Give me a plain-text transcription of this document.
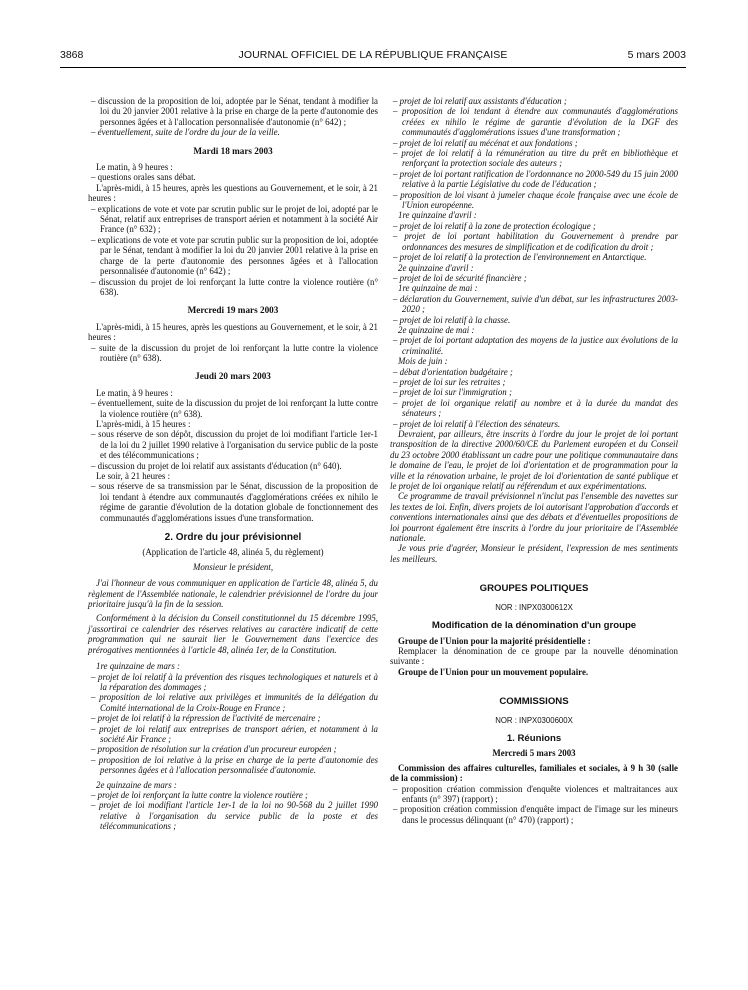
3868	JOURNAL OFFICIEL DE LA RÉPUBLIQUE FRANÇAISE	5 mars 2003

– discussion de la proposition de loi, adoptée par le Sénat, tendant à modifier la loi du 20 janvier 2001 relative à la prise en charge de la perte d'autonomie des personnes âgées et à l'allocation personnalisée d'autonomie (n° 642) ;

– éventuellement, suite de l'ordre du jour de la veille.

Mardi 18 mars 2003

Le matin, à 9 heures :

– questions orales sans débat.

L'après-midi, à 15 heures, après les questions au Gouvernement, et le soir, à 21 heures :

– explications de vote et vote par scrutin public sur le projet de loi, adopté par le Sénat, relatif aux entreprises de transport aérien et notamment à la société Air France (n° 632) ;

– explications de vote et vote par scrutin public sur la proposition de loi, adoptée par le Sénat, tendant à modifier la loi du 20 janvier 2001 relative à la prise en charge de la perte d'autonomie des personnes âgées et à l'allocation personnalisée d'autonomie (n° 642) ;

– discussion du projet de loi renforçant la lutte contre la violence routière (n° 638).

Mercredi 19 mars 2003

L'après-midi, à 15 heures, après les questions au Gouvernement, et le soir, à 21 heures :

– suite de la discussion du projet de loi renforçant la lutte contre la violence routière (n° 638).

Jeudi 20 mars 2003

Le matin, à 9 heures :

– éventuellement, suite de la discussion du projet de loi renforçant la lutte contre la violence routière (n° 638).

L'après-midi, à 15 heures :

– sous réserve de son dépôt, discussion du projet de loi modifiant l'article 1er-1 de la loi du 2 juillet 1990 relative à l'organisation du service public de la poste et des télécommunications ;

– discussion du projet de loi relatif aux assistants d'éducation (n° 640).

Le soir, à 21 heures :

– sous réserve de sa transmission par le Sénat, discussion de la proposition de loi tendant à étendre aux communautés d'agglomérations créées ex nihilo le régime de garantie d'évolution de la dotation globale de fonctionnement des communautés d'agglomérations issues d'une transformation.

2. Ordre du jour prévisionnel

(Application de l'article 48, alinéa 5, du règlement)

Monsieur le président,

J'ai l'honneur de vous communiquer en application de l'article 48, alinéa 5, du règlement de l'Assemblée nationale, le calendrier prévisionnel de l'ordre du jour prioritaire jusqu'à la fin de la session.

Conformément à la décision du Conseil constitutionnel du 15 décembre 1995, j'assortirai ce calendrier des réserves relatives au caractère indicatif de cette programmation qui ne saurait lier le Gouvernement dans l'exercice des prérogatives mentionnées à l'article 48, alinéa 1er, de la Constitution.

1re quinzaine de mars :

– projet de loi relatif à la prévention des risques technologiques et naturels et à la réparation des dommages ;

– proposition de loi relative aux privilèges et immunités de la délégation du Comité international de la Croix-Rouge en France ;

– projet de loi relatif à la répression de l'activité de mercenaire ;

– projet de loi relatif aux entreprises de transport aérien, et notamment à la société Air France ;

– proposition de résolution sur la création d'un procureur européen ;

– proposition de loi relative à la prise en charge de la perte d'autonomie des personnes âgées et à l'allocation personnalisée d'autonomie.

2e quinzaine de mars :

– projet de loi renforçant la lutte contre la violence routière ;

– projet de loi modifiant l'article 1er-1 de la loi no 90-568 du 2 juillet 1990 relative à l'organisation du service public de la poste et des télécommunications ;

– projet de loi relatif aux assistants d'éducation ;

– proposition de loi tendant à étendre aux communautés d'agglomérations créées ex nihilo le régime de garantie d'évolution de la DGF des communautés d'agglomérations issues d'une transformation ;

– projet de loi relatif au mécénat et aux fondations ;

– projet de loi relatif à la rémunération au titre du prêt en bibliothèque et renforçant la protection sociale des auteurs ;

– projet de loi portant ratification de l'ordonnance no 2000-549 du 15 juin 2000 relative à la partie Législative du code de l'éducation ;

– proposition de loi visant à jumeler chaque école française avec une école de l'Union européenne.

1re quinzaine d'avril :

– projet de loi relatif à la zone de protection écologique ;

– projet de loi portant habilitation du Gouvernement à prendre par ordonnances des mesures de simplification et de codification du droit ;

– projet de loi relatif à la protection de l'environnement en Antarctique.

2e quinzaine d'avril :

– projet de loi de sécurité financière ;

1re quinzaine de mai :

– déclaration du Gouvernement, suivie d'un débat, sur les infrastructures 2003-2020 ;

– projet de loi relatif à la chasse.

2e quinzaine de mai :

– projet de loi portant adaptation des moyens de la justice aux évolutions de la criminalité.

Mois de juin :

– débat d'orientation budgétaire ;

– projet de loi sur les retraites ;

– projet de loi sur l'immigration ;

– projet de loi organique relatif au nombre et à la durée du mandat des sénateurs ;

– projet de loi relatif à l'élection des sénateurs.

Devraient, par ailleurs, être inscrits à l'ordre du jour le projet de loi portant transposition de la directive 2000/60/CE du Parlement européen et du Conseil du 23 octobre 2000 établissant un cadre pour une politique communautaire dans le domaine de l'eau, le projet de loi d'orientation et de programmation pour la ville et la rénovation urbaine, le projet de loi d'orientation de santé publique et le projet de loi organique relatif au référendum et aux expérimentations.

Ce programme de travail prévisionnel n'inclut pas l'ensemble des navettes sur les textes de loi. Enfin, divers projets de loi autorisant l'approbation d'accords et conventions internationales ainsi que des débats et d'éventuelles propositions de loi pourront également être inscrits à l'ordre du jour prioritaire de l'Assemblée nationale.

Je vous prie d'agréer, Monsieur le président, l'expression de mes sentiments les meilleurs.

GROUPES POLITIQUES

NOR : INPX0300612X

Modification de la dénomination d'un groupe

Groupe de l'Union pour la majorité présidentielle :

Remplacer la dénomination de ce groupe par la nouvelle dénomination suivante :

Groupe de l'Union pour un mouvement populaire.

COMMISSIONS

NOR : INPX0300600X

1. Réunions

Mercredi 5 mars 2003

Commission des affaires culturelles, familiales et sociales, à 9 h 30 (salle de la commission) :

– proposition création commission d'enquête violences et maltraitances aux enfants (n° 397) (rapport) ;

– proposition création commission d'enquête impact de l'image sur les mineurs dans le processus délinquant (n° 470) (rapport) ;
